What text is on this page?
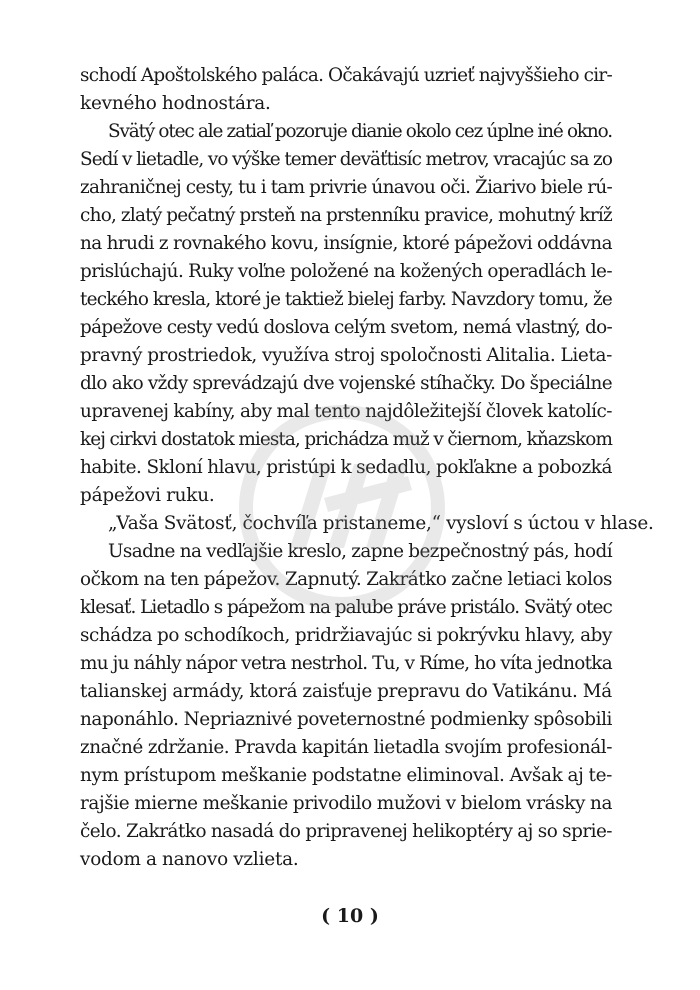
schodí Apoštolského paláca. Očakávajú uzrieť najvyššieho cir-
kevného hodnostára.

Svätý otec ale zatiaľ pozoruje dianie okolo cez úplne iné okno.
Sedí v lietadle, vo výške temer deväťtisíc metrov, vracajúc sa zo
zahraničnej cesty, tu i tam privrie únavou oči. Žiarivo biele rú-
cho, zlatý pečatný prsteň na prstenníku pravice, mohutný kríž
na hrudi z rovnakého kovu, insígnie, ktoré pápežovi oddávna
prislúchajú. Ruky voľne položené na kožených operadlách le-
teckého kresla, ktoré je taktiež bielej farby. Navzdory tomu, že
pápežove cesty vedú doslova celým svetom, nemá vlastný, do-
pravný prostriedok, využíva stroj spoločnosti Alitalia. Lieta-
dlo ako vždy sprevádzajú dve vojenské stíhačky. Do špeciálne
upravenej kabíny, aby mal tento najdôležitejší človek katolíc-
kej cirkvi dostatok miesta, prichádza muž v čiernom, kňazskom
habite. Skloní hlavu, pristúpi k sedadlu, pokľakne a pobozká
pápežovi ruku.

„Vaša Svätosť, čochvíľa pristaneme,“ vysloví s úctou v hlase.

Usadne na vedľajšie kreslo, zapne bezpečnostný pás, hodí
očkom na ten pápežov. Zapnutý. Zakrátko začne letiaci kolos
klesať. Lietadlo s pápežom na palube práve pristálo. Svätý otec
schádza po schodíkoch, pridržiavajúc si pokrývku hlavy, aby
mu ju náhly nápor vetra nestrhol. Tu, v Ríme, ho víta jednotka
talianskej armády, ktorá zaisťuje prepravu do Vatikánu. Má
naponáhlo. Nepriaznivé poveternostné podmienky spôsobili
značné zdržanie. Pravda kapitán lietadla svojím profesionál-
nym prístupom meškanie podstatne eliminoval. Avšak aj te-
rajšie mierne meškanie privodilo mužovi v bielom vrásky na
čelo. Zakrátko nasadá do pripravenej helikoptéry aj so sprie-
vodom a nanovo vzlieta.

( 10 )
